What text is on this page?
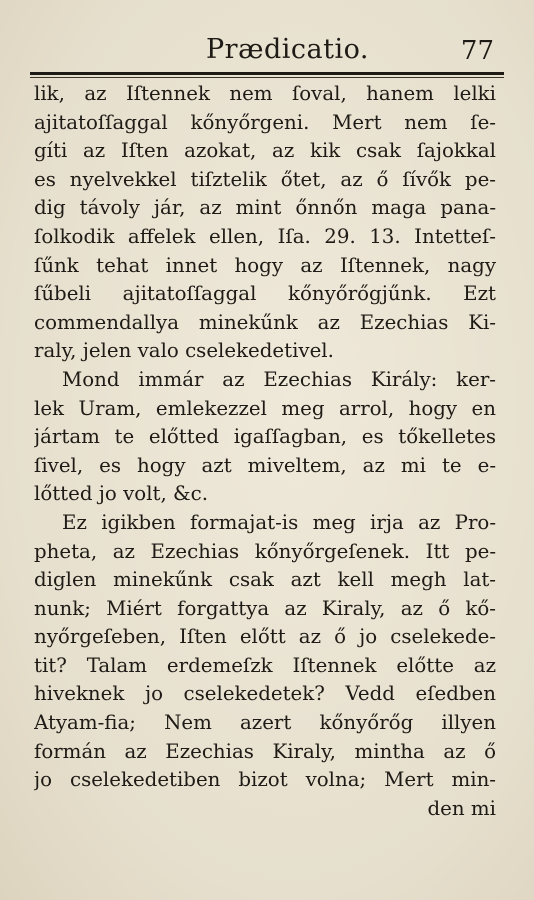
Prædicatio.	77
lik, az Iſtennek nem ſoval, hanem lelki
ajitatoſſaggal kőnyőrgeni. Mert nem ſe-
gíti az Iſten azokat, az kik csak ſajokkal
es nyelvekkel tiſztelik őtet, az ő ſívők pe-
dig távoly jár, az mint őnnőn maga pana-
ſolkodik affelek ellen, Iſa. 29. 13. Intetteſ-
ſűnk tehat innet hogy az Iſtennek, nagy
ſűbeli ajitatoſſaggal kőnyőrőgjűnk. Ezt
commendallya minekűnk az Ezechias Ki-
raly, jelen valo cselekedetivel.
Mond immár az Ezechias Király: ker-
lek Uram, emlekezzel meg arrol, hogy en
jártam te előtted igaſſagban, es tőkelletes
ſivel, es hogy azt miveltem, az mi te e-
lőtted jo volt, &c.
Ez igikben formajat-is meg irja az Pro-
pheta, az Ezechias kőnyőrgeſenek. Itt pe-
diglen minekűnk csak azt kell megh lat-
nunk; Miért forgattya az Kiraly, az ő kő-
nyőrgeſeben, Iſten előtt az ő jo cselekede-
tit? Talam erdemeſzk Iſtennek előtte az
hiveknek jo cselekedetek? Vedd eſedben
Atyam-fia; Nem azert kőnyőrőg illyen
formán az Ezechias Kiraly, mintha az ő
jo cselekedetiben bizot volna; Mert min-
den mi
